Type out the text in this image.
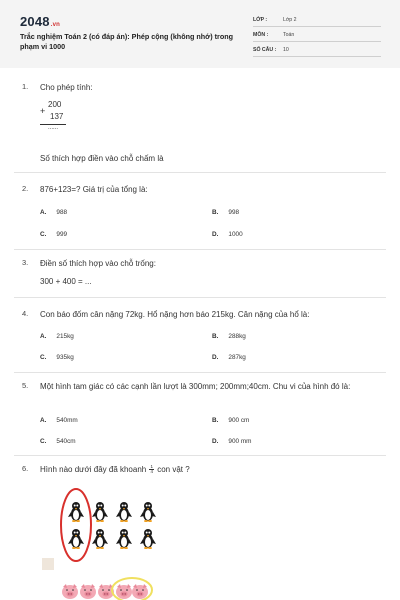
2048.vn
Trắc nghiệm Toán 2 (có đáp án): Phép cộng (không nhớ) trong phạm vi 1000
LỚP :	Lớp 2
MÔN :	Toán
SỐ CÂU : 10
1. Cho phép tính:
+
200
137
......
Số thích hợp điền vào chỗ chấm là
2. 876+123=? Giá trị của tổng là:
A. 988	B. 998
C. 999	D. 1000
3. Điền số thích hợp vào chỗ trống:
300 + 400 = ...
4. Con báo đốm cân nặng 72kg. Hổ nặng hơn báo 215kg. Cân nặng của hổ là:
A. 215kg	B. 288kg
C. 935kg	D. 287kg
5. Một hình tam giác có các cạnh lần lượt là 300mm; 200mm;40cm. Chu vi của hình đó là:
A. 540mm	B. 900 cm
C. 540cm	D. 900 mm
6. Hình nào dưới đây đã khoanh $\frac{1}{4}$ con vật ?
